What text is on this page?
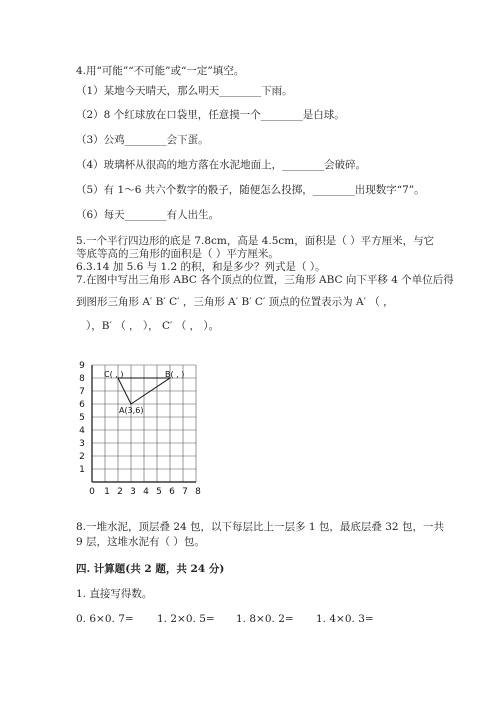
4.用“可能”“不可能”或“一定”填空。
（1）某地今天晴天，那么明天________下雨。
（2）8 个红球放在口袋里，任意摸一个________是白球。
（3）公鸡________会下蛋。
（4）玻璃杯从很高的地方落在水泥地面上，________会破碎。
（5）有 1～6 共六个数字的骰子，随便怎么投掷，________出现数字“7”。
（6）每天________有人出生。
5.一个平行四边形的底是 7.8cm，高是 4.5cm，面积是（ ）平方厘米，与它
等底等高的三角形的面积是（ ）平方厘米。
6.3.14 加 5.6 与 1.2 的积，和是多少？列式是（ ）。
7.在图中写出三角形 ABC 各个顶点的位置，三角形 ABC 向下平移 4 个单位后得
到图形三角形 A′ B′ C′ ，三角形 A′ B′ C′ 顶点的位置表示为 A′ （ ，
），B′ （ ， ）， C′ （ ， ）。
0 1 2 3 4 5 6 7 8
1
2
3
4
5
6
7
8
9
A(3,6)
B( , )
C( , )
8.一堆水泥，顶层叠 24 包，以下每层比上一层多 1 包，最底层叠 32 包，一共
9 层，这堆水泥有（ ）包。
四. 计算题(共 2 题，共 24 分)
1. 直接写得数。
0. 6×0. 7= 1. 2×0. 5= 1. 8×0. 2= 1. 4×0. 3=
